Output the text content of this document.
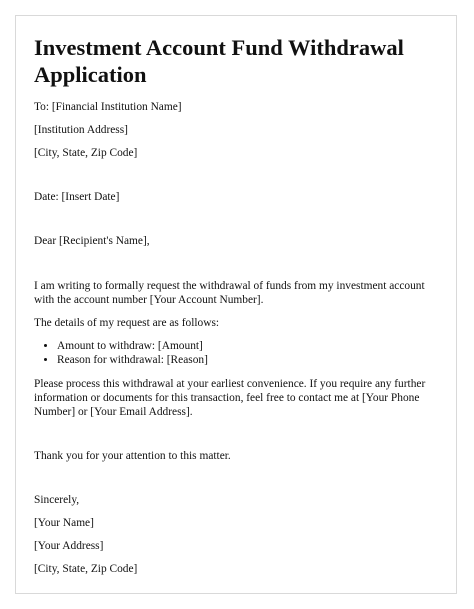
Investment Account Fund Withdrawal Application

To: [Financial Institution Name]

[Institution Address]

[City, State, Zip Code]

Date: [Insert Date]

Dear [Recipient's Name],

I am writing to formally request the withdrawal of funds from my investment account with the account number [Your Account Number].

The details of my request are as follows:

• Amount to withdraw: [Amount]
• Reason for withdrawal: [Reason]

Please process this withdrawal at your earliest convenience. If you require any further information or documents for this transaction, feel free to contact me at [Your Phone Number] or [Your Email Address].

Thank you for your attention to this matter.

Sincerely,

[Your Name]

[Your Address]

[City, State, Zip Code]
